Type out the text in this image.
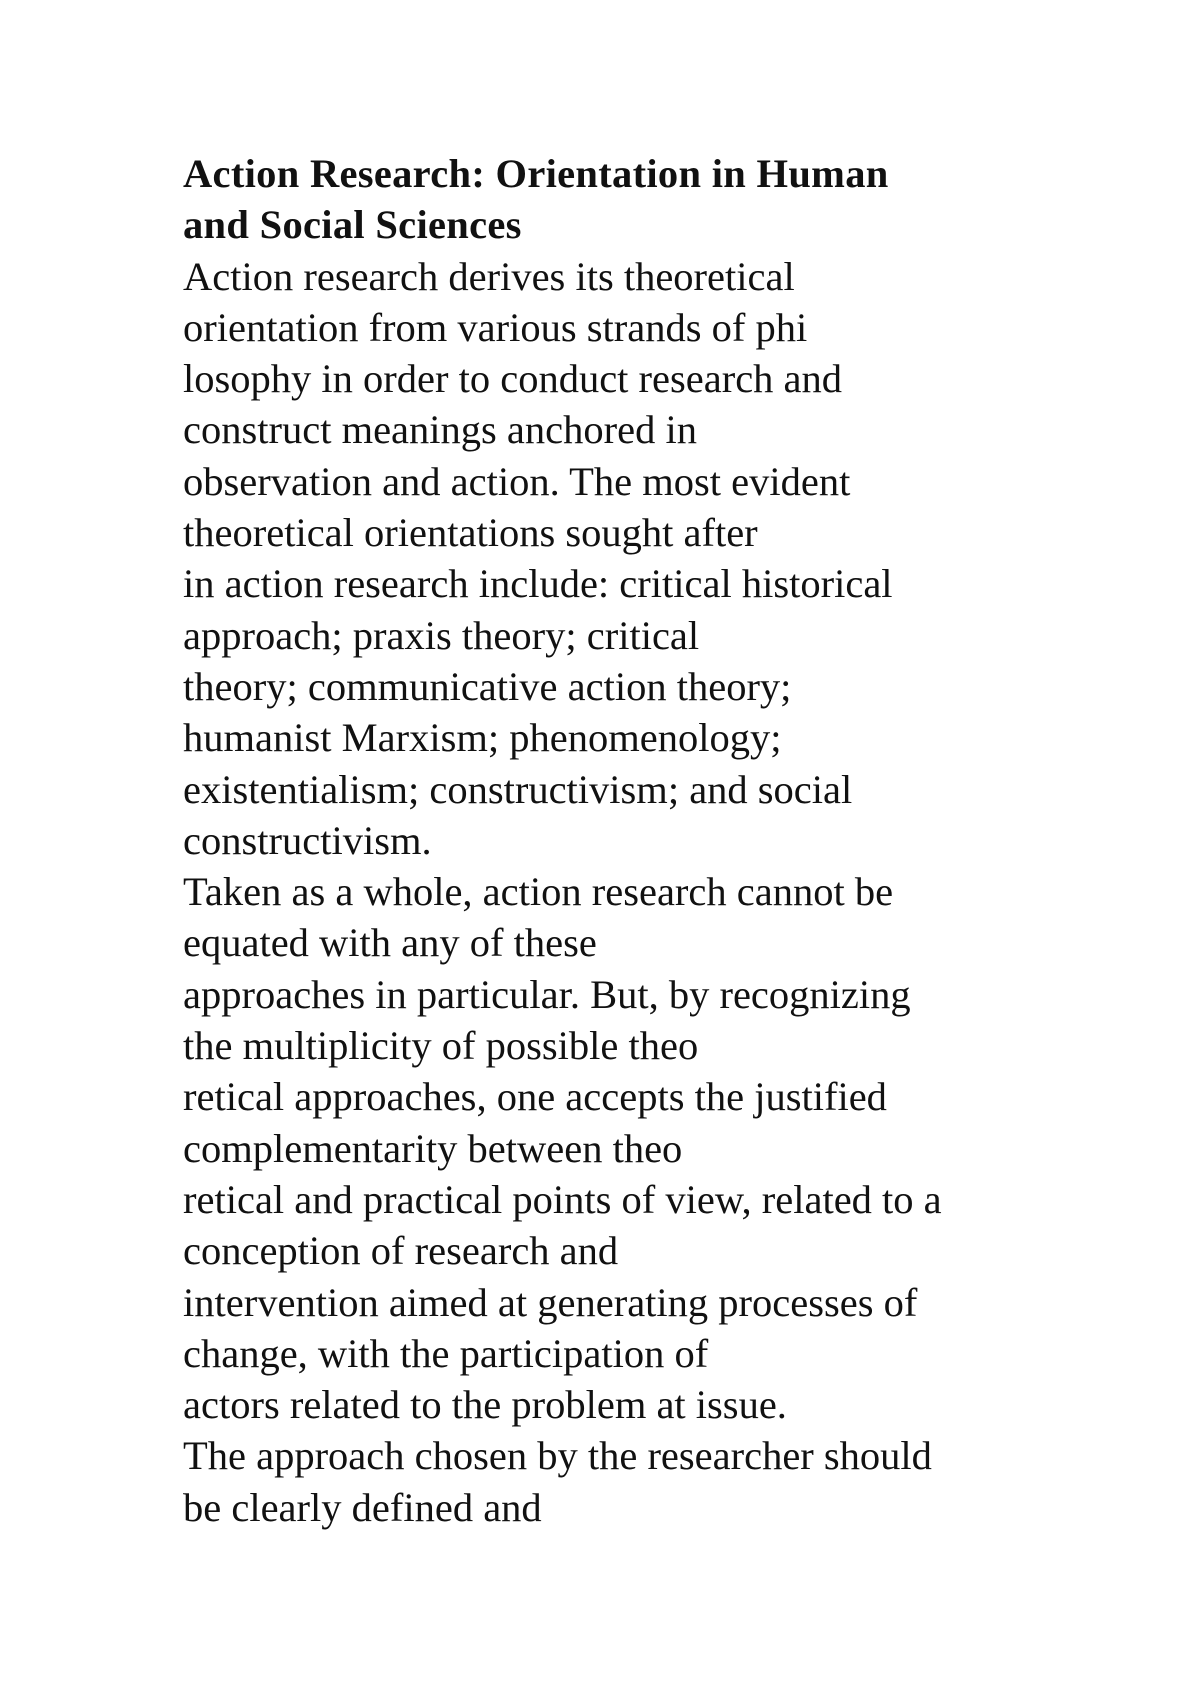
Action Research: Orientation in Human
and Social Sciences
Action research derives its theoretical
orientation from various strands of phi
losophy in order to conduct research and
construct meanings anchored in
observation and action. The most evident
theoretical orientations sought after
in action research include: critical historical
approach; praxis theory; critical
theory; communicative action theory;
humanist Marxism; phenomenology;
existentialism; constructivism; and social
constructivism.
Taken as a whole, action research cannot be
equated with any of these
approaches in particular. But, by recognizing
the multiplicity of possible theo
retical approaches, one accepts the justified
complementarity between theo
retical and practical points of view, related to a
conception of research and
intervention aimed at generating processes of
change, with the participation of
actors related to the problem at issue.
The approach chosen by the researcher should
be clearly defined and
